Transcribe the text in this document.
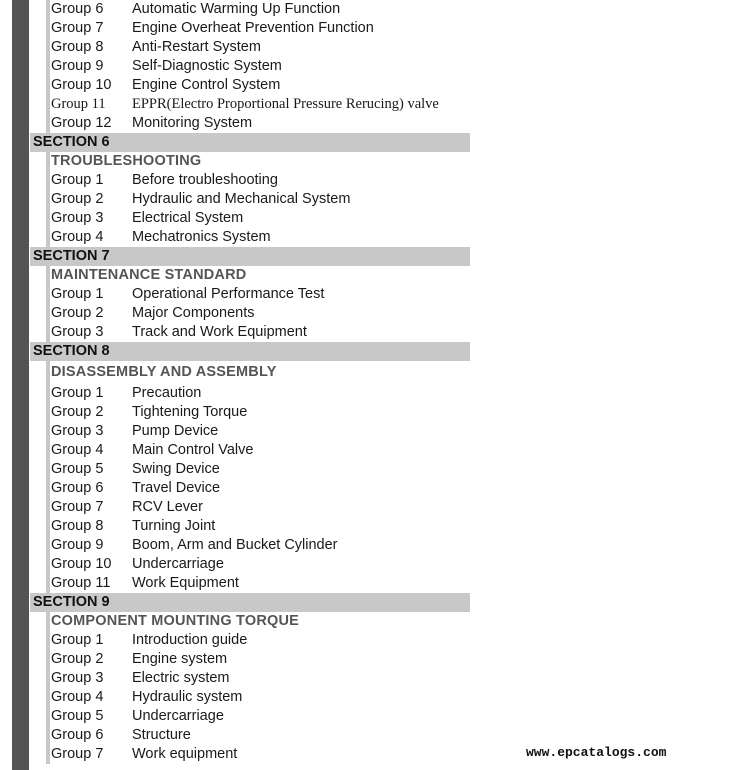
Group 6 Automatic Warming Up Function
Group 7 Engine Overheat Prevention Function
Group 8 Anti-Restart System
Group 9 Self-Diagnostic System
Group 10 Engine Control System
Group 11 EPPR(Electro Proportional Pressure Rerucing) valve
Group 12 Monitoring System
SECTION 6
TROUBLESHOOTING
Group 1 Before troubleshooting
Group 2 Hydraulic and Mechanical System
Group 3 Electrical System
Group 4 Mechatronics System
SECTION 7
MAINTENANCE STANDARD
Group 1 Operational Performance Test
Group 2 Major Components
Group 3 Track and Work Equipment
SECTION 8
DISASSEMBLY AND ASSEMBLY
Group 1 Precaution
Group 2 Tightening Torque
Group 3 Pump Device
Group 4 Main Control Valve
Group 5 Swing Device
Group 6 Travel Device
Group 7 RCV Lever
Group 8 Turning Joint
Group 9 Boom, Arm and Bucket Cylinder
Group 10 Undercarriage
Group 11 Work Equipment
SECTION 9
COMPONENT MOUNTING TORQUE
Group 1 Introduction guide
Group 2 Engine system
Group 3 Electric system
Group 4 Hydraulic system
Group 5 Undercarriage
Group 6 Structure
Group 7 Work equipment	www.epcatalogs.com
